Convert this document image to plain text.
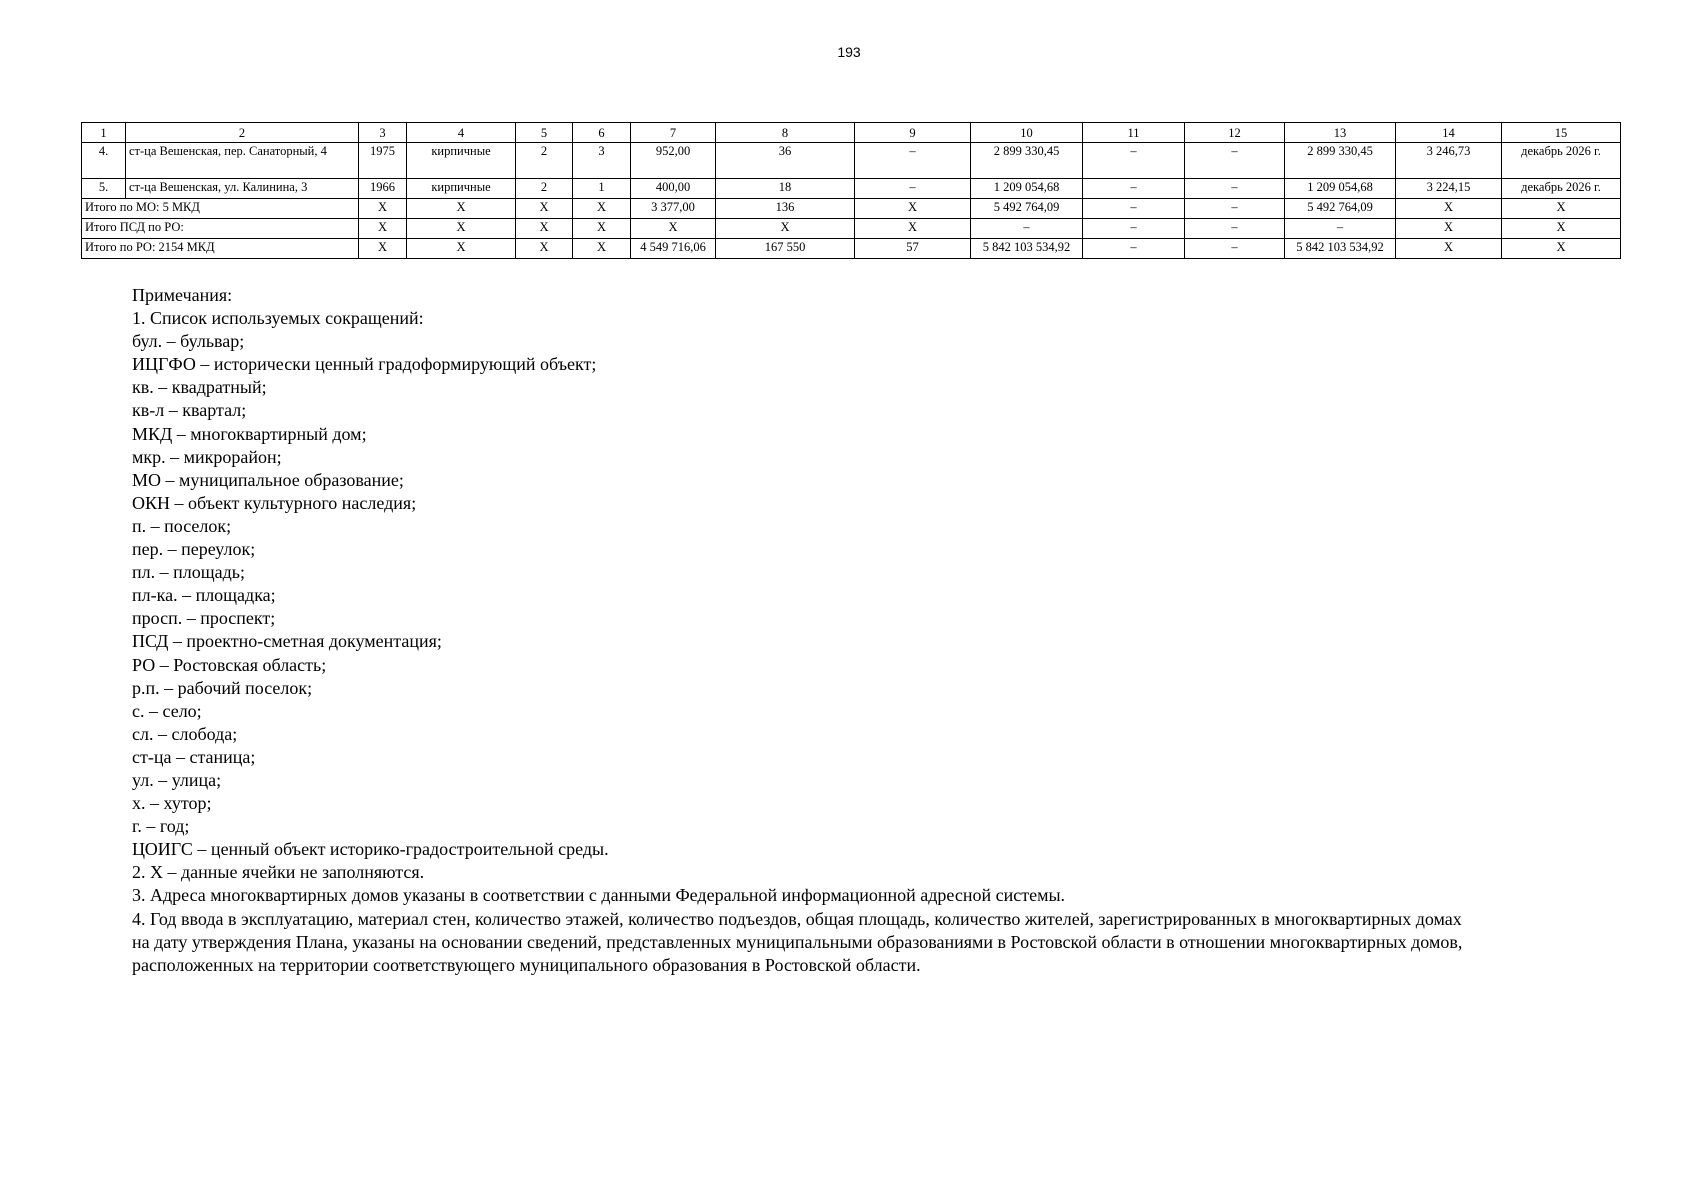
193
1	2	3	4	5	6	7	8	9	10	11	12	13	14	15
4.	ст-ца Вешенская, пер. Санаторный, 4	1975	кирпичные	2	3	952,00	36	–	2 899 330,45	–	–	2 899 330,45	3 246,73	декабрь 2026 г.
5.	ст-ца Вешенская, ул. Калинина, 3	1966	кирпичные	2	1	400,00	18	–	1 209 054,68	–	–	1 209 054,68	3 224,15	декабрь 2026 г.
Итого по МО: 5 МКД		Х	Х	Х	Х	3 377,00	136	Х	5 492 764,09	–	–	5 492 764,09	Х	Х
Итого ПСД по РО:		Х	Х	Х	Х	Х	Х	Х	–	–	–	–	Х	Х
Итого по РО: 2154 МКД		Х	Х	Х	Х	4 549 716,06	167 550	57	5 842 103 534,92	–	–	5 842 103 534,92	Х	Х

Примечания:

1. Список используемых сокращений:

бул. – бульвар;

ИЦГФО – исторически ценный градоформирующий объект;

кв. – квадратный;

кв-л – квартал;

МКД – многоквартирный дом;

мкр. – микрорайон;

МО – муниципальное образование;

ОКН – объект культурного наследия;

п. – поселок;

пер. – переулок;

пл. – площадь;

пл-ка. – площадка;

просп. – проспект;

ПСД – проектно-сметная документация;

РО – Ростовская область;

р.п. – рабочий поселок;

с. – село;

сл. – слобода;

ст-ца – станица;

ул. – улица;

х. – хутор;

г. – год;

ЦОИГС – ценный объект историко-градостроительной среды.

2. Х – данные ячейки не заполняются.

3. Адреса многоквартирных домов указаны в соответствии с данными Федеральной информационной адресной системы.

4. Год ввода в эксплуатацию, материал стен, количество этажей, количество подъездов, общая площадь, количество жителей, зарегистрированных в многоквартирных домах

на дату утверждения Плана, указаны на основании сведений, представленных муниципальными образованиями в Ростовской области в отношении многоквартирных домов,

расположенных на территории соответствующего муниципального образования в Ростовской области.
